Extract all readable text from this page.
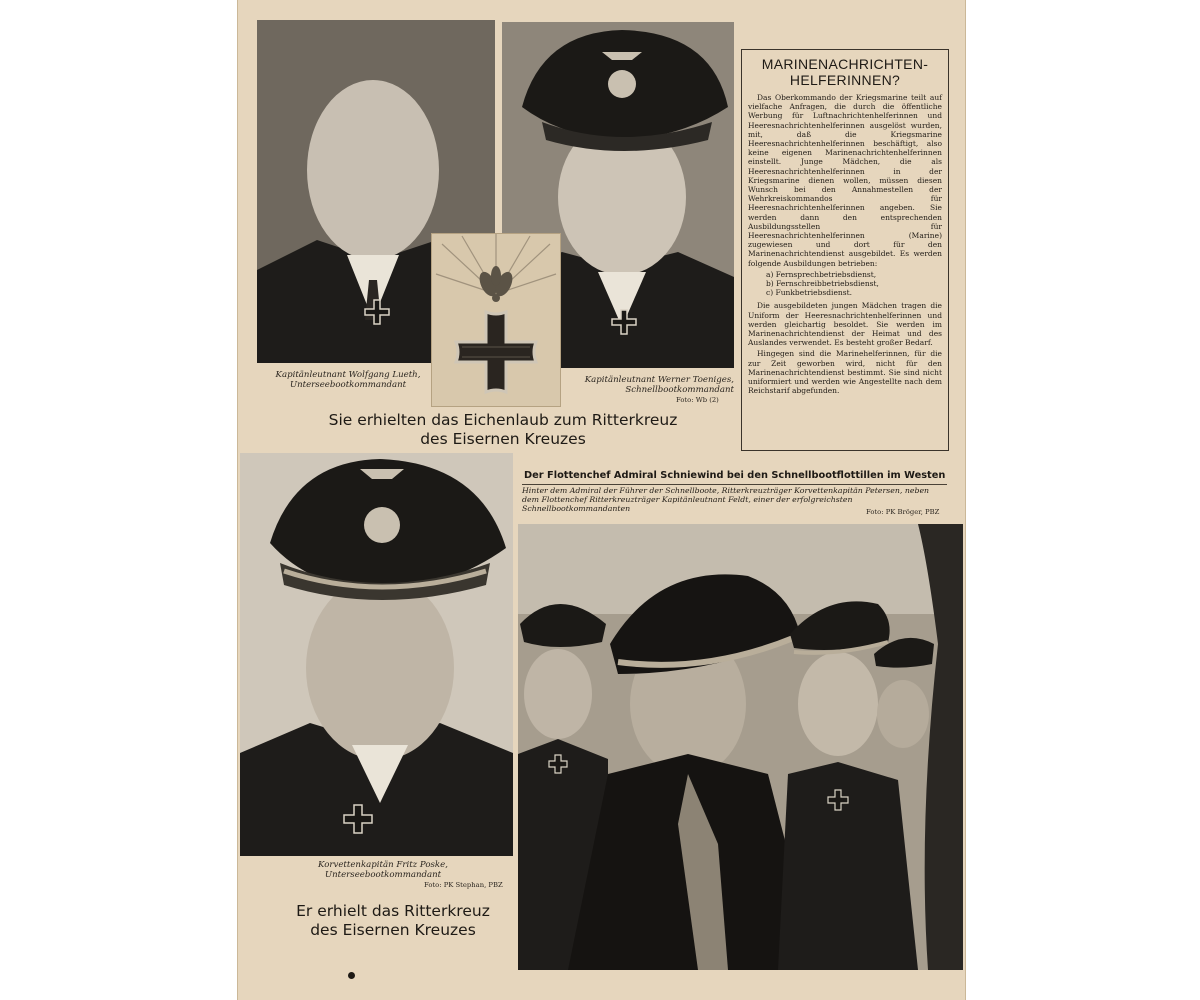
Kapitänleutnant Wolfgang Lueth,
Unterseebootkommandant	Kapitänleutnant Werner Toeniges,
Schnellbootkommandant
Foto: Wb (2)
Sie erhielten das Eichenlaub zum Ritterkreuz
des Eisernen Kreuzes
MARINENACHRICHTEN-
HELFERINNEN?

Das Oberkommando der Kriegsmarine teilt auf vielfache Anfragen, die durch die öffentliche Werbung für Luftnachrichtenhelferinnen und Heeresnachrichtenhelferinnen ausgelöst wurden, mit, daß die Kriegsmarine Heeresnachrichtenhelferinnen beschäftigt, also keine eigenen Marinenachrichtenhelferinnen einstellt. Junge Mädchen, die als Heeresnachrichtenhelferinnen in der Kriegsmarine dienen wollen, müssen diesen Wunsch bei den Annahmestellen der Wehrkreiskommandos für Heeresnachrichtenhelferinnen angeben. Sie werden dann den entsprechenden Ausbildungsstellen für Heeresnachrichtenhelferinnen (Marine) zugewiesen und dort für den Marinenachrichtendienst ausgebildet. Es werden folgende Ausbildungen betrieben:

a) Fernsprechbetriebsdienst,
b) Fernschreibbetriebsdienst,
c) Funkbetriebsdienst.

Die ausgebildeten jungen Mädchen tragen die Uniform der Heeresnachrichtenhelferinnen und werden gleichartig besoldet. Sie werden im Marinenachrichtendienst der Heimat und des Auslandes verwendet. Es besteht großer Bedarf.

Hingegen sind die Marinehelferinnen, für die zur Zeit geworben wird, nicht für den Marinenachrichtendienst bestimmt. Sie sind nicht uniformiert und werden wie Angestellte nach dem Reichstarif abgefunden.

Korvettenkapitän Fritz Poske,
Unterseebootkommandant
Foto: PK Stephan, PBZ
Er erhielt das Ritterkreuz
des Eisernen Kreuzes
Der Flottenchef Admiral Schniewind bei den Schnellbootflottillen im Westen
Hinter dem Admiral der Führer der Schnellboote, Ritterkreuzträger Korvettenkapitän Petersen, neben dem Flottenchef Ritterkreuzträger Kapitänleutnant Feldt, einer der erfolgreichsten Schnellbootkommandanten	Foto: PK Bröger, PBZ
